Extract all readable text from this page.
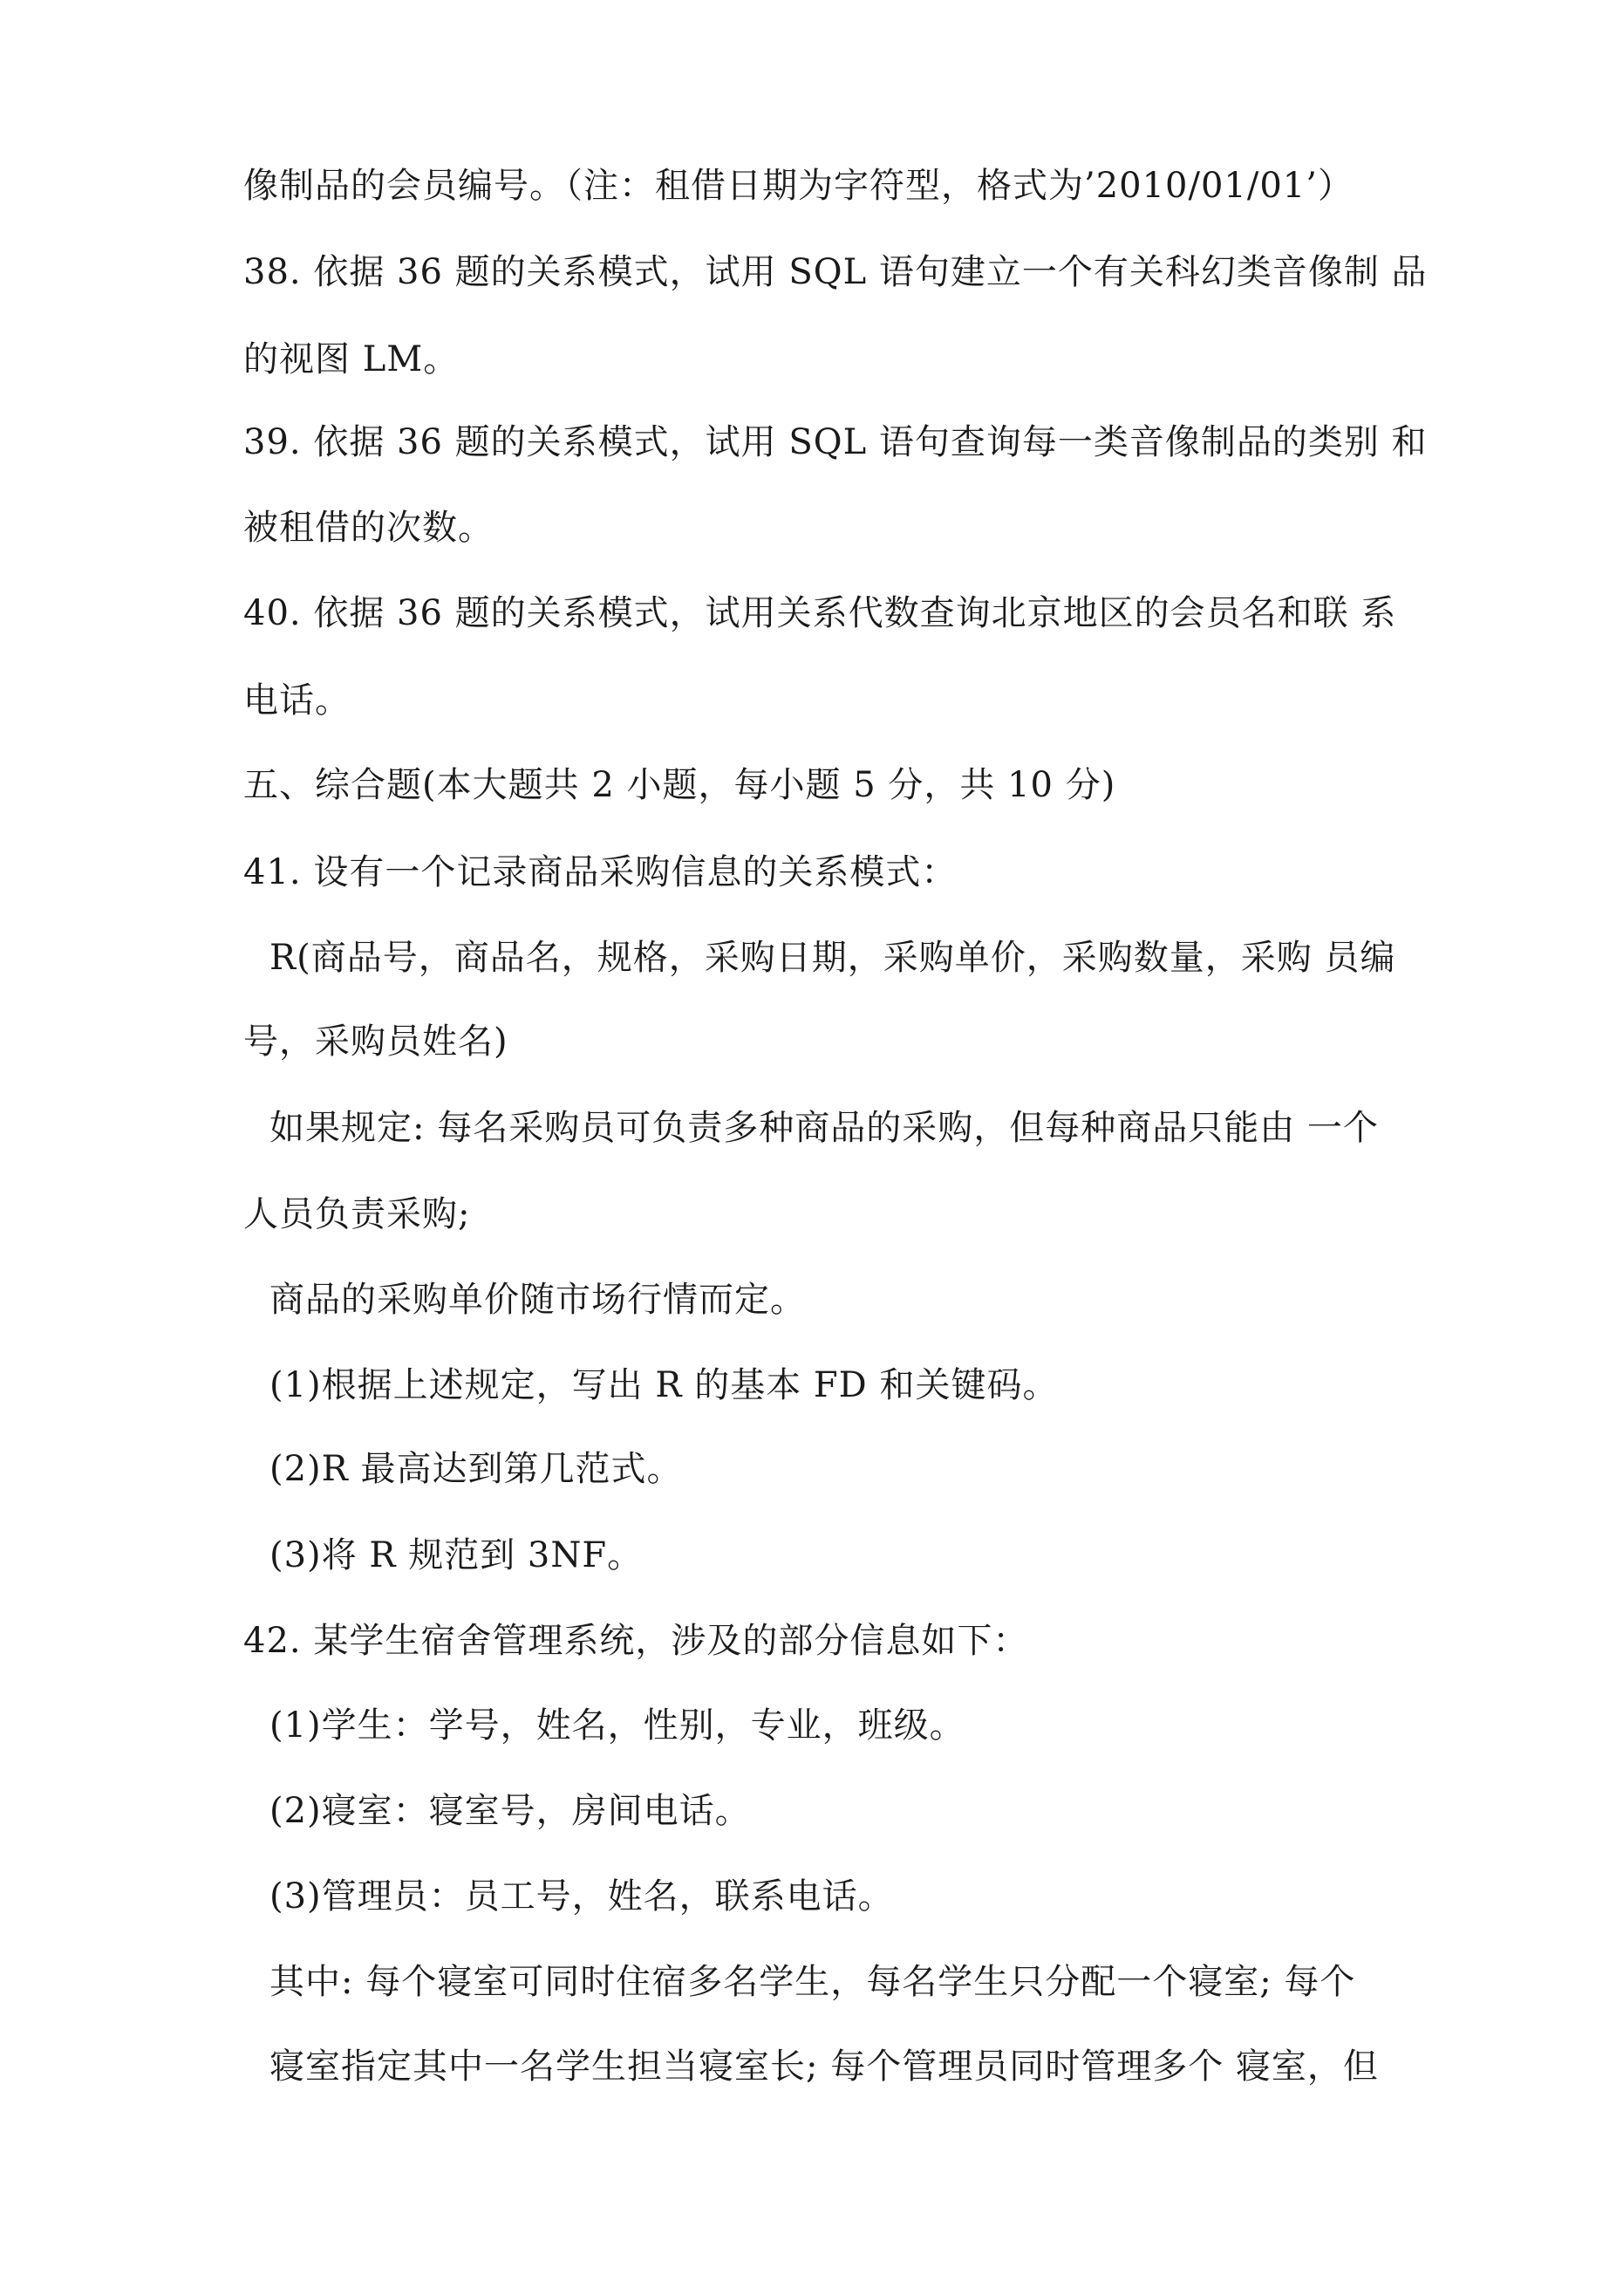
像制品的会员编号。（注：租借日期为字符型，格式为’2010/01/01’）
38. 依据 36 题的关系模式，试用 SQL 语句建立一个有关科幻类音像制 品
的视图 LM。
39. 依据 36 题的关系模式，试用 SQL 语句查询每一类音像制品的类别 和
被租借的次数。
40. 依据 36 题的关系模式，试用关系代数查询北京地区的会员名和联 系
电话。
五、综合题(本大题共 2 小题，每小题 5 分，共 10 分)
41. 设有一个记录商品采购信息的关系模式：
R(商品号，商品名，规格，采购日期，采购单价，采购数量，采购 员编
号，采购员姓名)
如果规定: 每名采购员可负责多种商品的采购，但每种商品只能由 一个
人员负责采购;
商品的采购单价随市场行情而定。
(1)根据上述规定，写出 R 的基本 FD 和关键码。
(2)R 最高达到第几范式。
(3)将 R 规范到 3NF。
42. 某学生宿舍管理系统，涉及的部分信息如下：
(1)学生：学号，姓名，性别，专业，班级。
(2)寝室：寝室号，房间电话。
(3)管理员：员工号，姓名，联系电话。
其中: 每个寝室可同时住宿多名学生，每名学生只分配一个寝室; 每个
寝室指定其中一名学生担当寝室长; 每个管理员同时管理多个 寝室，但
